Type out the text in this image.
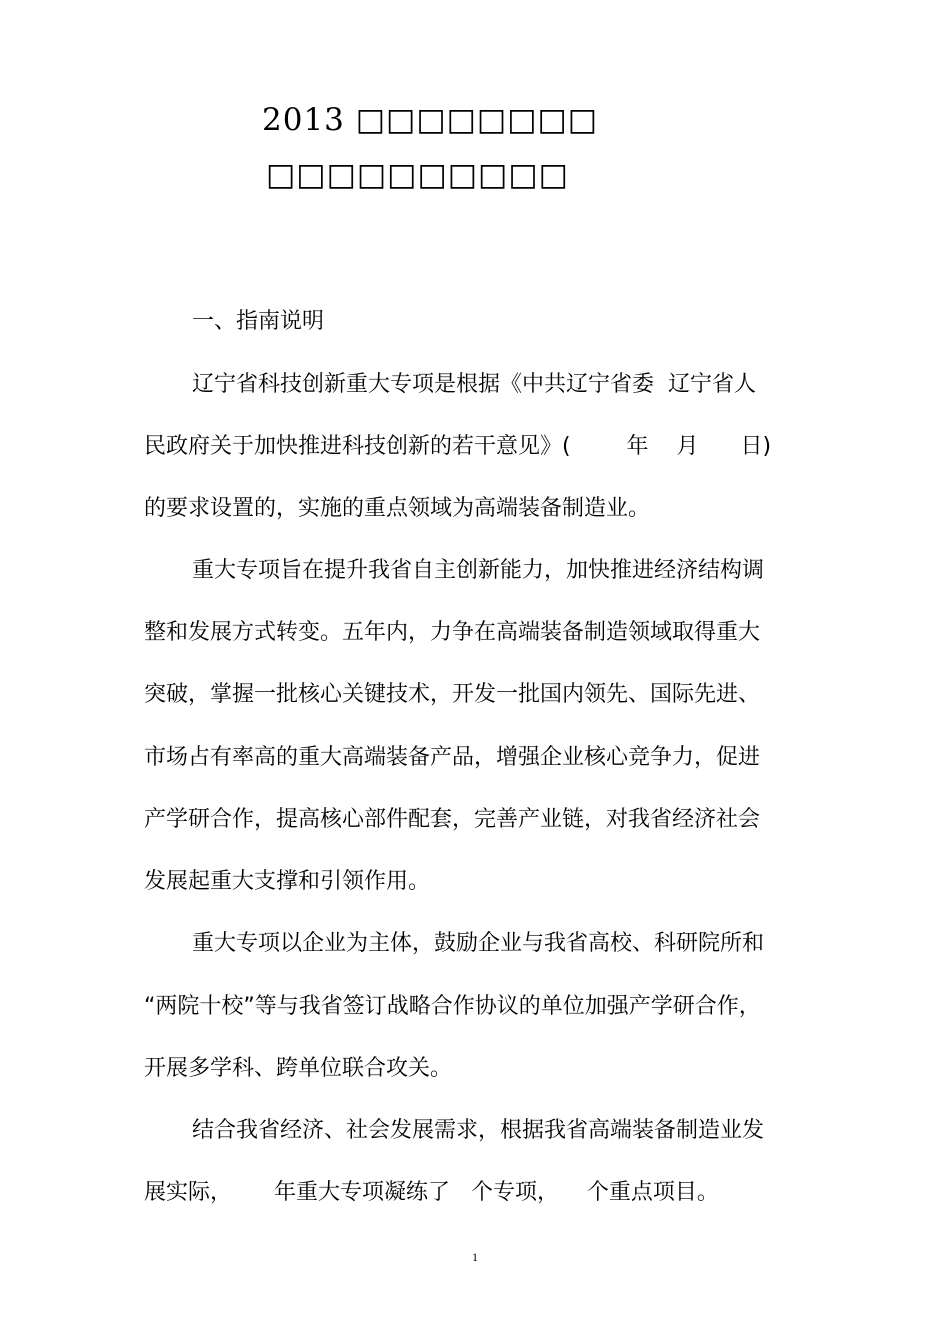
2013 □□□□□□□□
□□□□□□□□□□
一、指南说明
辽宁省科技创新重大专项是根据《中共辽宁省委  辽宁省人
民政府关于加快推进科技创新的若干意见》(        年    月      日)
的要求设置的，实施的重点领域为高端装备制造业。
重大专项旨在提升我省自主创新能力，加快推进经济结构调
整和发展方式转变。五年内，力争在高端装备制造领域取得重大
突破，掌握一批核心关键技术，开发一批国内领先、国际先进、
市场占有率高的重大高端装备产品，增强企业核心竞争力，促进
产学研合作，提高核心部件配套，完善产业链，对我省经济社会
发展起重大支撑和引领作用。
重大专项以企业为主体，鼓励企业与我省高校、科研院所和
“两院十校”等与我省签订战略合作协议的单位加强产学研合作，
开展多学科、跨单位联合攻关。
结合我省经济、社会发展需求，根据我省高端装备制造业发
展实际，      年重大专项凝练了   个专项，    个重点项目。
1
